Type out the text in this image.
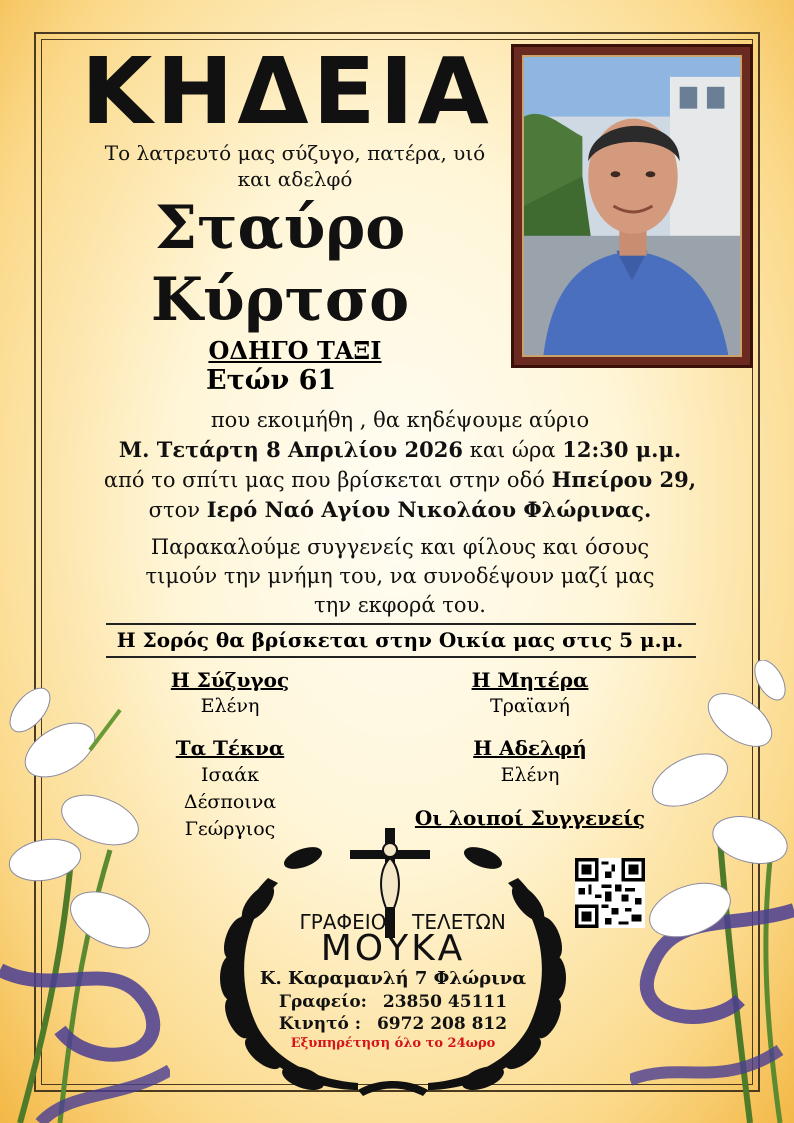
ΚΗΔΕΙΑ
Το λατρευτό μας σύζυγο, πατέρα, υιό
και αδελφό
Σταύρο
Κύρτσο
ΟΔΗΓΟ ΤΑΞΙ
Ετών 61
που εκοιμήθη , θα κηδέψουμε αύριο
Μ. Τετάρτη 8 Απριλίου 2026 και ώρα 12:30 μ.μ.
από το σπίτι μας που βρίσκεται στην οδό Ηπείρου 29,
στον Ιερό Ναό Αγίου Νικολάου Φλώρινας.
Παρακαλούμε συγγενείς και φίλους και όσους
τιμούν την μνήμη του, να συνοδέψουν μαζί μας
την εκφορά του.
Η Σορός θα βρίσκεται στην Οικία μας στις 5 μ.μ.
Η Σύζυγος
Ελένη
Η Μητέρα
Τραϊανή
Τα Τέκνα
Ισαάκ
Δέσποινα
Γεώργιος
Η Αδελφή
Ελένη
Οι λοιποί Συγγενείς
ΓΡΑΦΕΙΟ	ΤΕΛΕΤΩΝ
ΜΟΥΚΑ
Κ. Καραμανλή 7 Φλώρινα
Γραφείο: 23850 45111
Κινητό : 6972 208 812
Εξυπηρέτηση όλο το 24ωρο
